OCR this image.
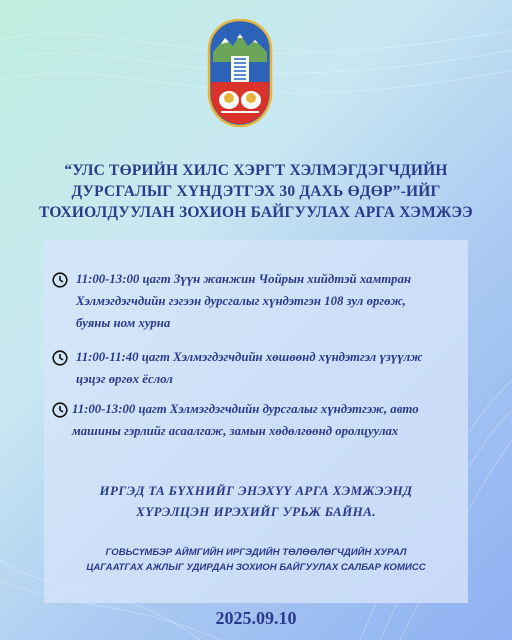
“УЛС ТӨРИЙН ХИЛС ХЭРГТ ХЭЛМЭГДЭГЧДИЙН
ДУРСГАЛЫГ ХҮНДЭТГЭХ 30 ДАХЬ ӨДӨР”-ИЙГ
ТОХИОЛДУУЛАН ЗОХИОН БАЙГУУЛАХ АРГА ХЭМЖЭЭ
11:00-13:00 цагт Зүүн жанжин Чойрын хийдтэй хамтран
Хэлмэгдэгчдийн гэгээн дурсгалыг хүндэтгэн 108 зул өргөж,
буяны ном хурна
11:00-11:40 цагт Хэлмэгдэгчдийн хөшөөнд хүндэтгэл үзүүлж
цэцэг өргөх ёслол
11:00-13:00 цагт Хэлмэгдэгчдийн дурсгалыг хүндэтгэж, авто
машины гэрлийг асаалгаж, замын хөдөлгөөнд оролцуулах
ИРГЭД ТА БҮХНИЙГ ЭНЭХҮҮ АРГА ХЭМЖЭЭНД
ХҮРЭЛЦЭН ИРЭХИЙГ УРЬЖ БАЙНА.
ГОВЬСҮМБЭР АЙМГИЙН ИРГЭДИЙН ТӨЛӨӨЛӨГЧДИЙН ХУРАЛ
ЦАГААТГАХ АЖЛЫГ УДИРДАН ЗОХИОН БАЙГУУЛАХ САЛБАР КОМИСС
2025.09.10
